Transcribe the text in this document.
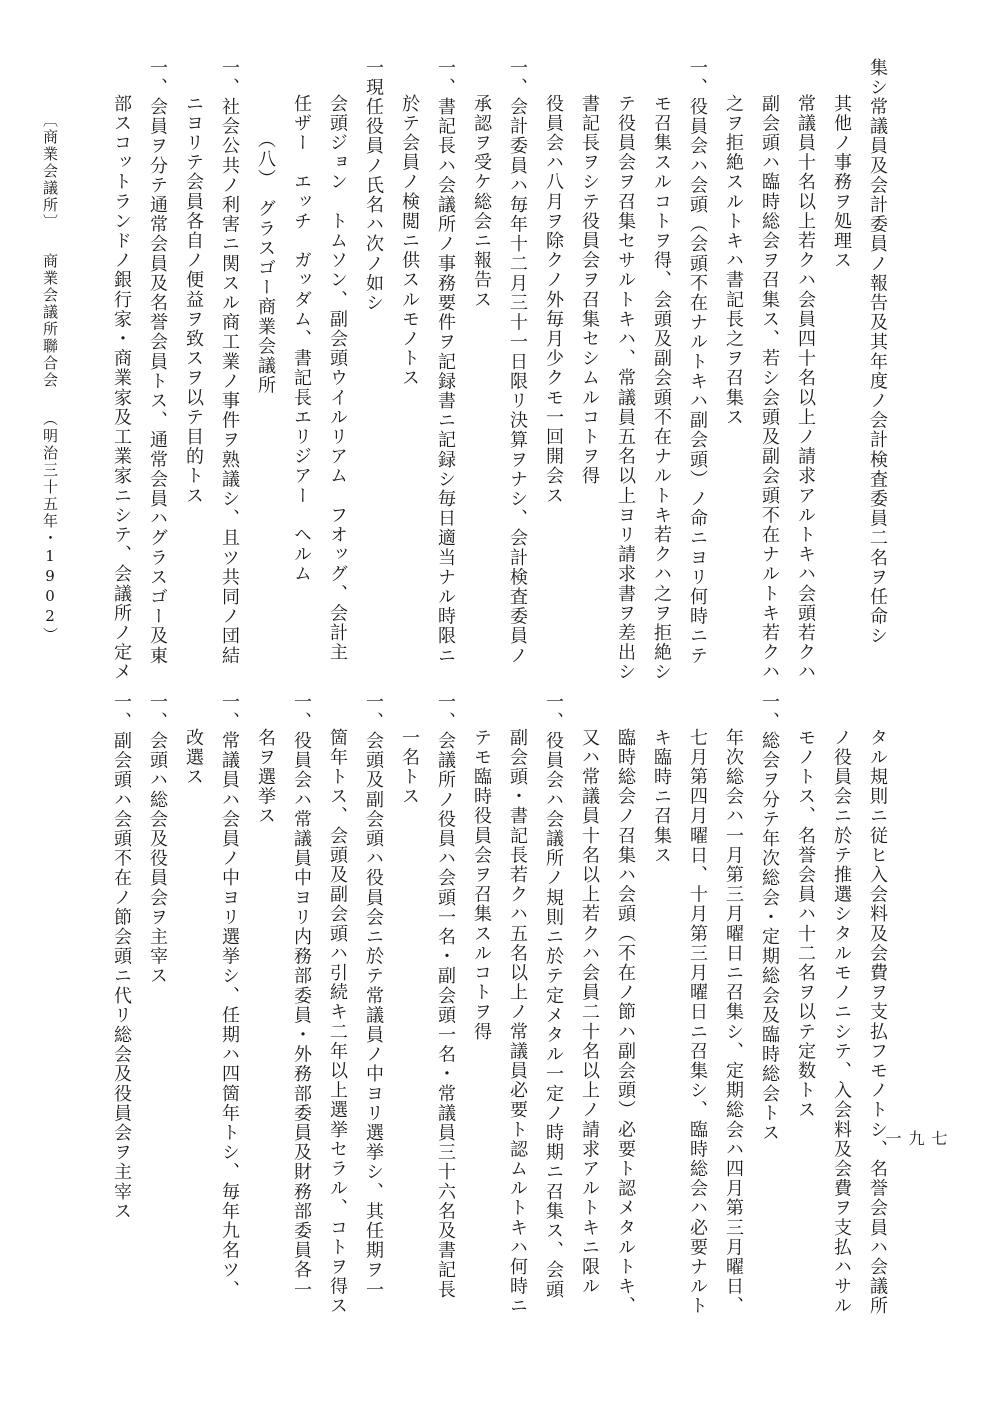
集シ常議員及会計委員ノ報告及其年度ノ会計検査委員二名ヲ任命シ
其他ノ事務ヲ処理ス
常議員十名以上若クハ会員四十名以上ノ請求アルトキハ会頭若クハ
副会頭ハ臨時総会ヲ召集ス、若シ会頭及副会頭不在ナルトキ若クハ
之ヲ拒絶スルトキハ書記長之ヲ召集ス
一、役員会ハ会頭（会頭不在ナルトキハ副会頭）ノ命ニヨリ何時ニテ
モ召集スルコトヲ得、会頭及副会頭不在ナルトキ若クハ之ヲ拒絶シ
テ役員会ヲ召集セサルトキハ、常議員五名以上ヨリ請求書ヲ差出シ
書記長ヲシテ役員会ヲ召集セシムルコトヲ得
役員会ハ八月ヲ除クノ外毎月少クモ一回開会ス
一、会計委員ハ毎年十二月三十一日限リ決算ヲナシ、会計検査委員ノ
承認ヲ受ケ総会ニ報告ス
一、書記長ハ会議所ノ事務要件ヲ記録書ニ記録シ毎日適当ナル時限ニ
於テ会員ノ検閲ニ供スルモノトス
一現任役員ノ氏名ハ次ノ如シ
会頭ジョン　トムソン、副会頭ウイルリアム　フオッグ、会計主
任ザー　エッチ　ガッダム、書記長エリジアー　ヘルム
（八）　グラスゴー商業会議所
一、社会公共ノ利害ニ関スル商工業ノ事件ヲ熟議シ、且ツ共同ノ団結
ニヨリテ会員各自ノ便益ヲ致スヲ以テ目的トス
一、会員ヲ分テ通常会員及名誉会員トス、通常会員ハグラスゴー及東
部スコットランドノ銀行家・商業家及工業家ニシテ、会議所ノ定メ
タル規則ニ従ヒ入会料及会費ヲ支払フモノトシ、名誉会員ハ会議所
ノ役員会ニ於テ推選シタルモノニシテ、入会料及会費ヲ支払ハサル
モノトス、名誉会員ハ十二名ヲ以テ定数トス
一、総会ヲ分テ年次総会・定期総会及臨時総会トス
年次総会ハ一月第三月曜日ニ召集シ、定期総会ハ四月第三月曜日、
七月第四月曜日、十月第三月曜日ニ召集シ、臨時総会ハ必要ナルト
キ臨時ニ召集ス
臨時総会ノ召集ハ会頭（不在ノ節ハ副会頭）必要ト認メタルトキ、
又ハ常議員十名以上若クハ会員二十名以上ノ請求アルトキニ限ル
一、役員会ハ会議所ノ規則ニ於テ定メタル一定ノ時期ニ召集ス、会頭
副会頭・書記長若クハ五名以上ノ常議員必要ト認ムルトキハ何時ニ
テモ臨時役員会ヲ召集スルコトヲ得
一、会議所ノ役員ハ会頭一名・副会頭一名・常議員三十六名及書記長
一名トス
一、会頭及副会頭ハ役員会ニ於テ常議員ノ中ヨリ選挙シ、其任期ヲ一
箇年トス、会頭及副会頭ハ引続キ二年以上選挙セラル、コトヲ得ス
一、役員会ハ常議員中ヨリ内務部委員・外務部委員及財務部委員各一
名ヲ選挙ス
一、常議員ハ会員ノ中ヨリ選挙シ、任期ハ四箇年トシ、毎年九名ツ、
改選ス
一、会頭ハ総会及役員会ヲ主宰ス
一、副会頭ハ会頭不在ノ節会頭ニ代リ総会及役員会ヲ主宰ス
〔商業会議所〕商業会議所聯合会（明治三十五年・1902）
七九一
